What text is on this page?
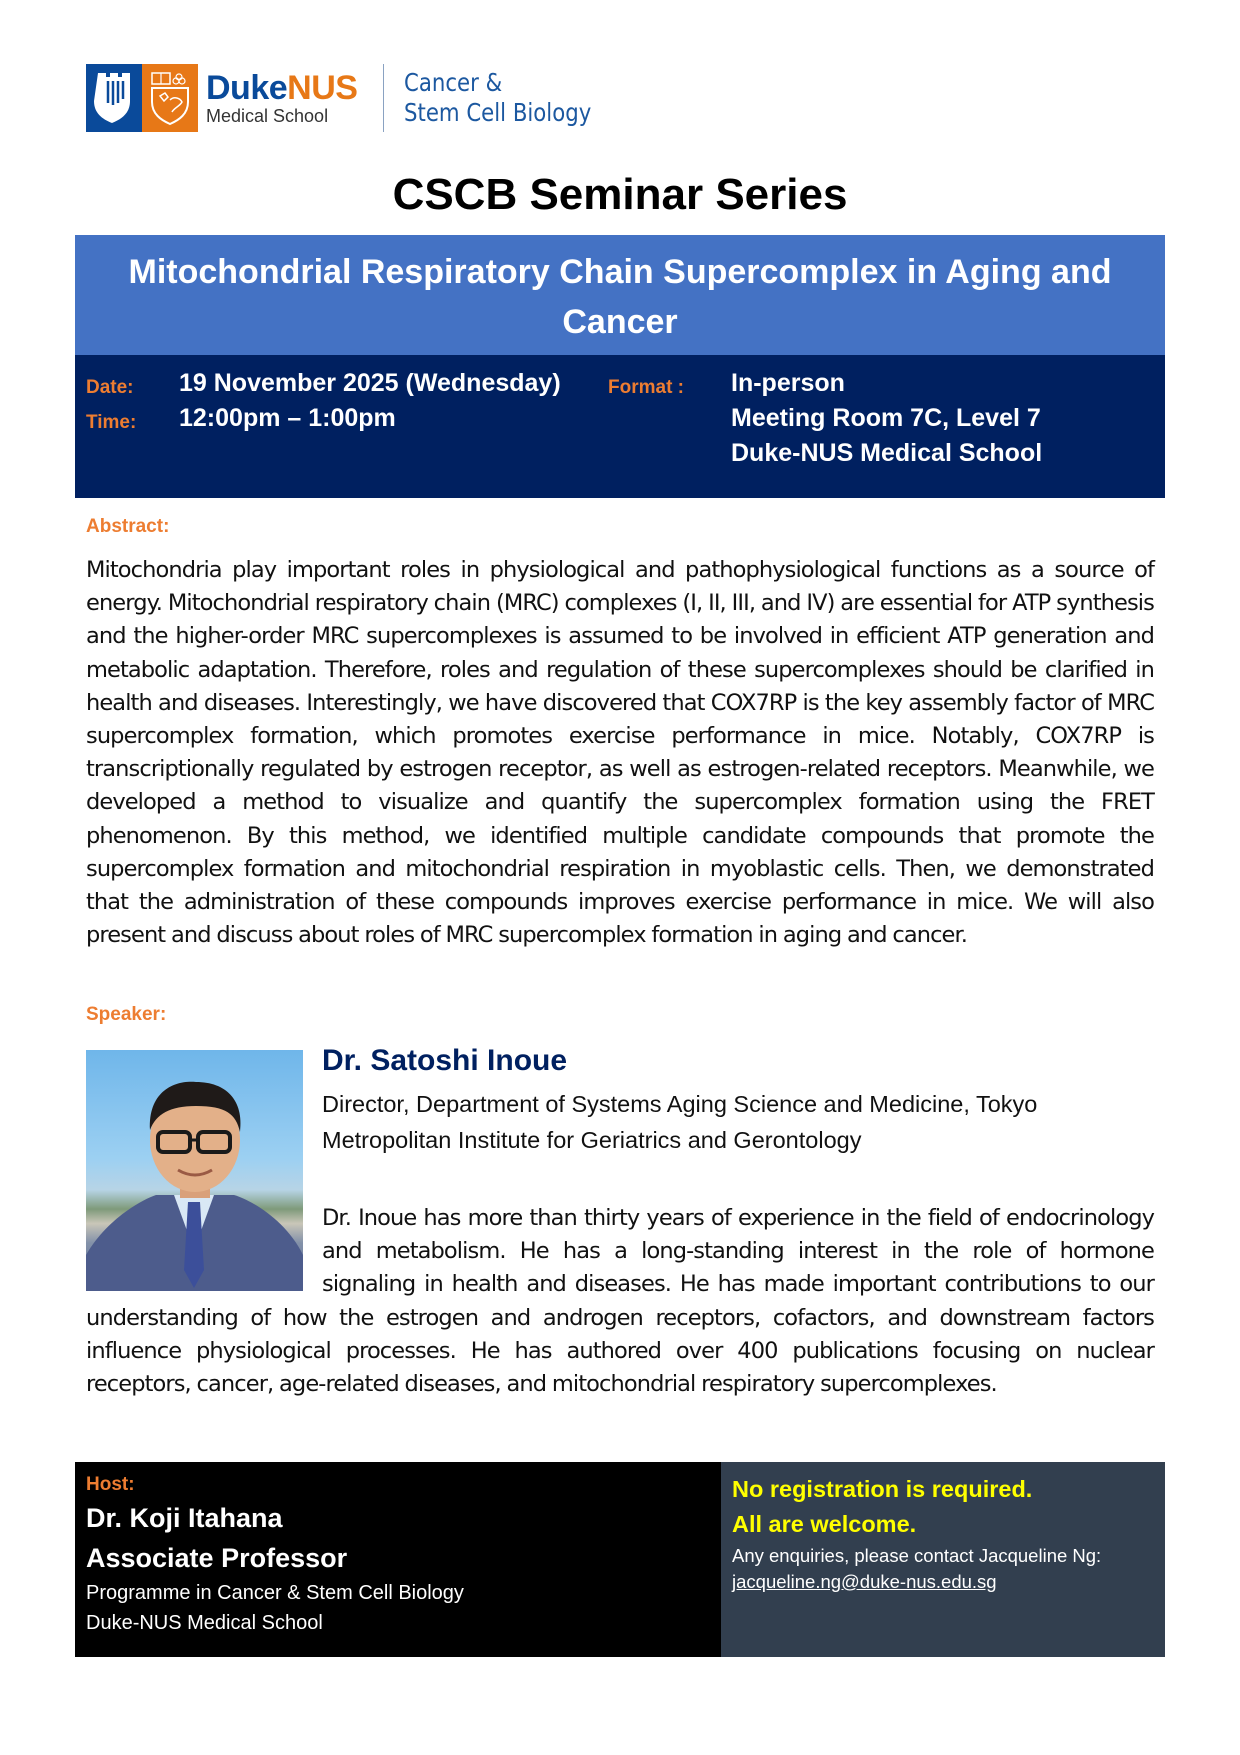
DukeNUS
Medical School
Cancer &
Stem Cell Biology
CSCB Seminar Series
Mitochondrial Respiratory Chain Supercomplex in Aging and Cancer
Date: 19 November 2025 (Wednesday)
Time: 12:00pm – 1:00pm
Format : In-person
Meeting Room 7C, Level 7
Duke-NUS Medical School
Abstract:

Mitochondria play important roles in physiological and pathophysiological functions as a source of energy. Mitochondrial respiratory chain (MRC) complexes (I, II, III, and IV) are essential for ATP synthesis and the higher-order MRC supercomplexes is assumed to be involved in efficient ATP generation and metabolic adaptation. Therefore, roles and regulation of these supercomplexes should be clarified in health and diseases. Interestingly, we have discovered that COX7RP is the key assembly factor of MRC supercomplex formation, which promotes exercise performance in mice. Notably, COX7RP is transcriptionally regulated by estrogen receptor, as well as estrogen-related receptors. Meanwhile, we developed a method to visualize and quantify the supercomplex formation using the FRET phenomenon. By this method, we identified multiple candidate compounds that promote the supercomplex formation and mitochondrial respiration in myoblastic cells. Then, we demonstrated that the administration of these compounds improves exercise performance in mice. We will also present and discuss about roles of MRC supercomplex formation in aging and cancer.

Speaker:
Dr. Satoshi Inoue
Director, Department of Systems Aging Science and Medicine, Tokyo Metropolitan Institute for Geriatrics and Gerontology

Dr. Inoue has more than thirty years of experience in the field of endocrinology and metabolism. He has a long-standing interest in the role of hormone signaling in health and diseases. He has made important contributions to our understanding of how the estrogen and androgen receptors, cofactors, and downstream factors influence physiological processes. He has authored over 400 publications focusing on nuclear receptors, cancer, age-related diseases, and mitochondrial respiratory supercomplexes.

Host:
Dr. Koji Itahana
Associate Professor
Programme in Cancer & Stem Cell Biology
Duke-NUS Medical School
No registration is required.
All are welcome.
Any enquiries, please contact Jacqueline Ng:
jacqueline.ng@duke-nus.edu.sg
